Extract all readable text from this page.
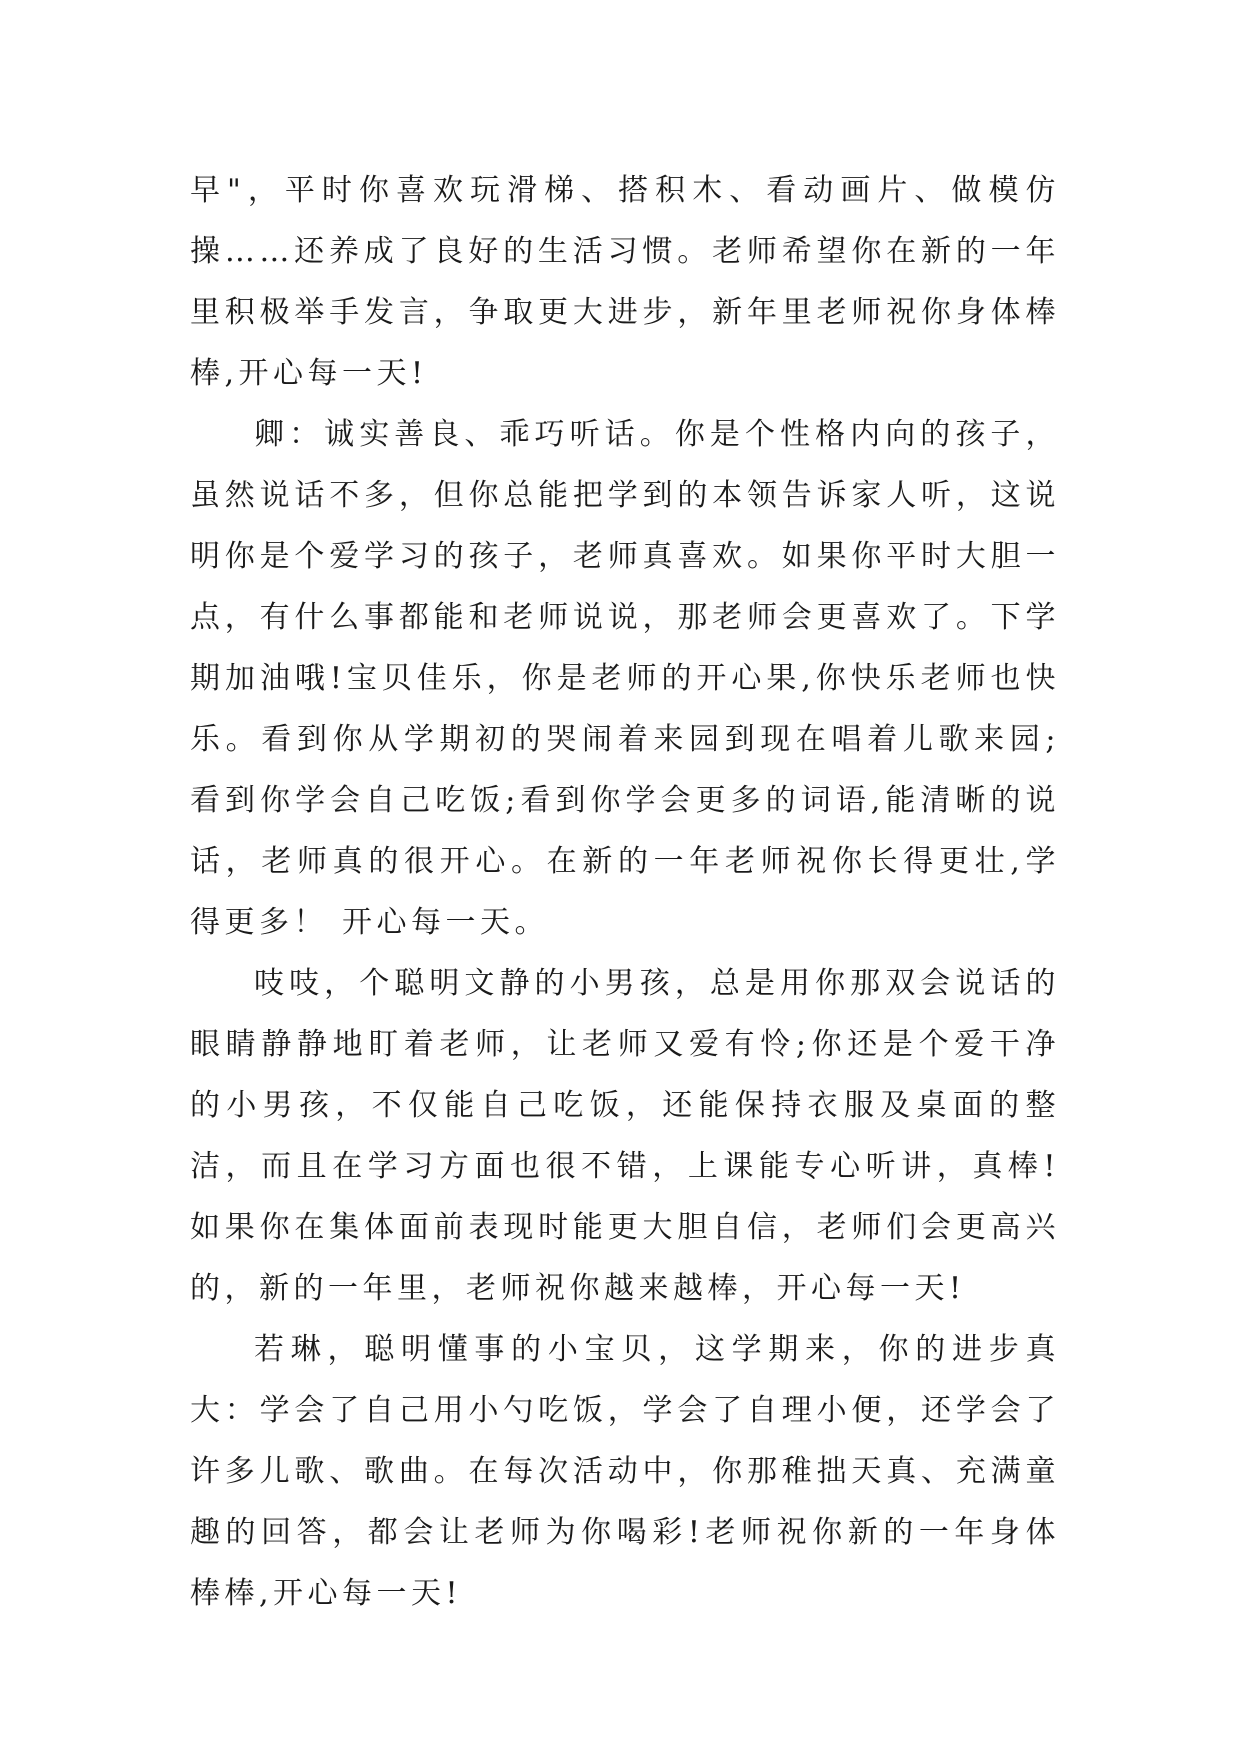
早"，平时你喜欢玩滑梯、搭积木、看动画片、做模仿操……还养成了良好的生活习惯。老师希望你在新的一年里积极举手发言，争取更大进步，新年里老师祝你身体棒棒,开心每一天!

卿：诚实善良、乖巧听话。你是个性格内向的孩子，虽然说话不多，但你总能把学到的本领告诉家人听，这说明你是个爱学习的孩子，老师真喜欢。如果你平时大胆一点，有什么事都能和老师说说，那老师会更喜欢了。下学期加油哦!宝贝佳乐，你是老师的开心果,你快乐老师也快乐。看到你从学期初的哭闹着来园到现在唱着儿歌来园;看到你学会自己吃饭;看到你学会更多的词语,能清晰的说话，老师真的很开心。在新的一年老师祝你长得更壮,学得更多！ 开心每一天。

吱吱，个聪明文静的小男孩，总是用你那双会说话的眼睛静静地盯着老师，让老师又爱有怜;你还是个爱干净的小男孩，不仅能自己吃饭，还能保持衣服及桌面的整洁，而且在学习方面也很不错，上课能专心听讲，真棒!如果你在集体面前表现时能更大胆自信，老师们会更高兴的，新的一年里，老师祝你越来越棒，开心每一天!

若琳，聪明懂事的小宝贝，这学期来，你的进步真大：学会了自己用小勺吃饭，学会了自理小便，还学会了许多儿歌、歌曲。在每次活动中，你那稚拙天真、充满童趣的回答，都会让老师为你喝彩!老师祝你新的一年身体棒棒,开心每一天!
